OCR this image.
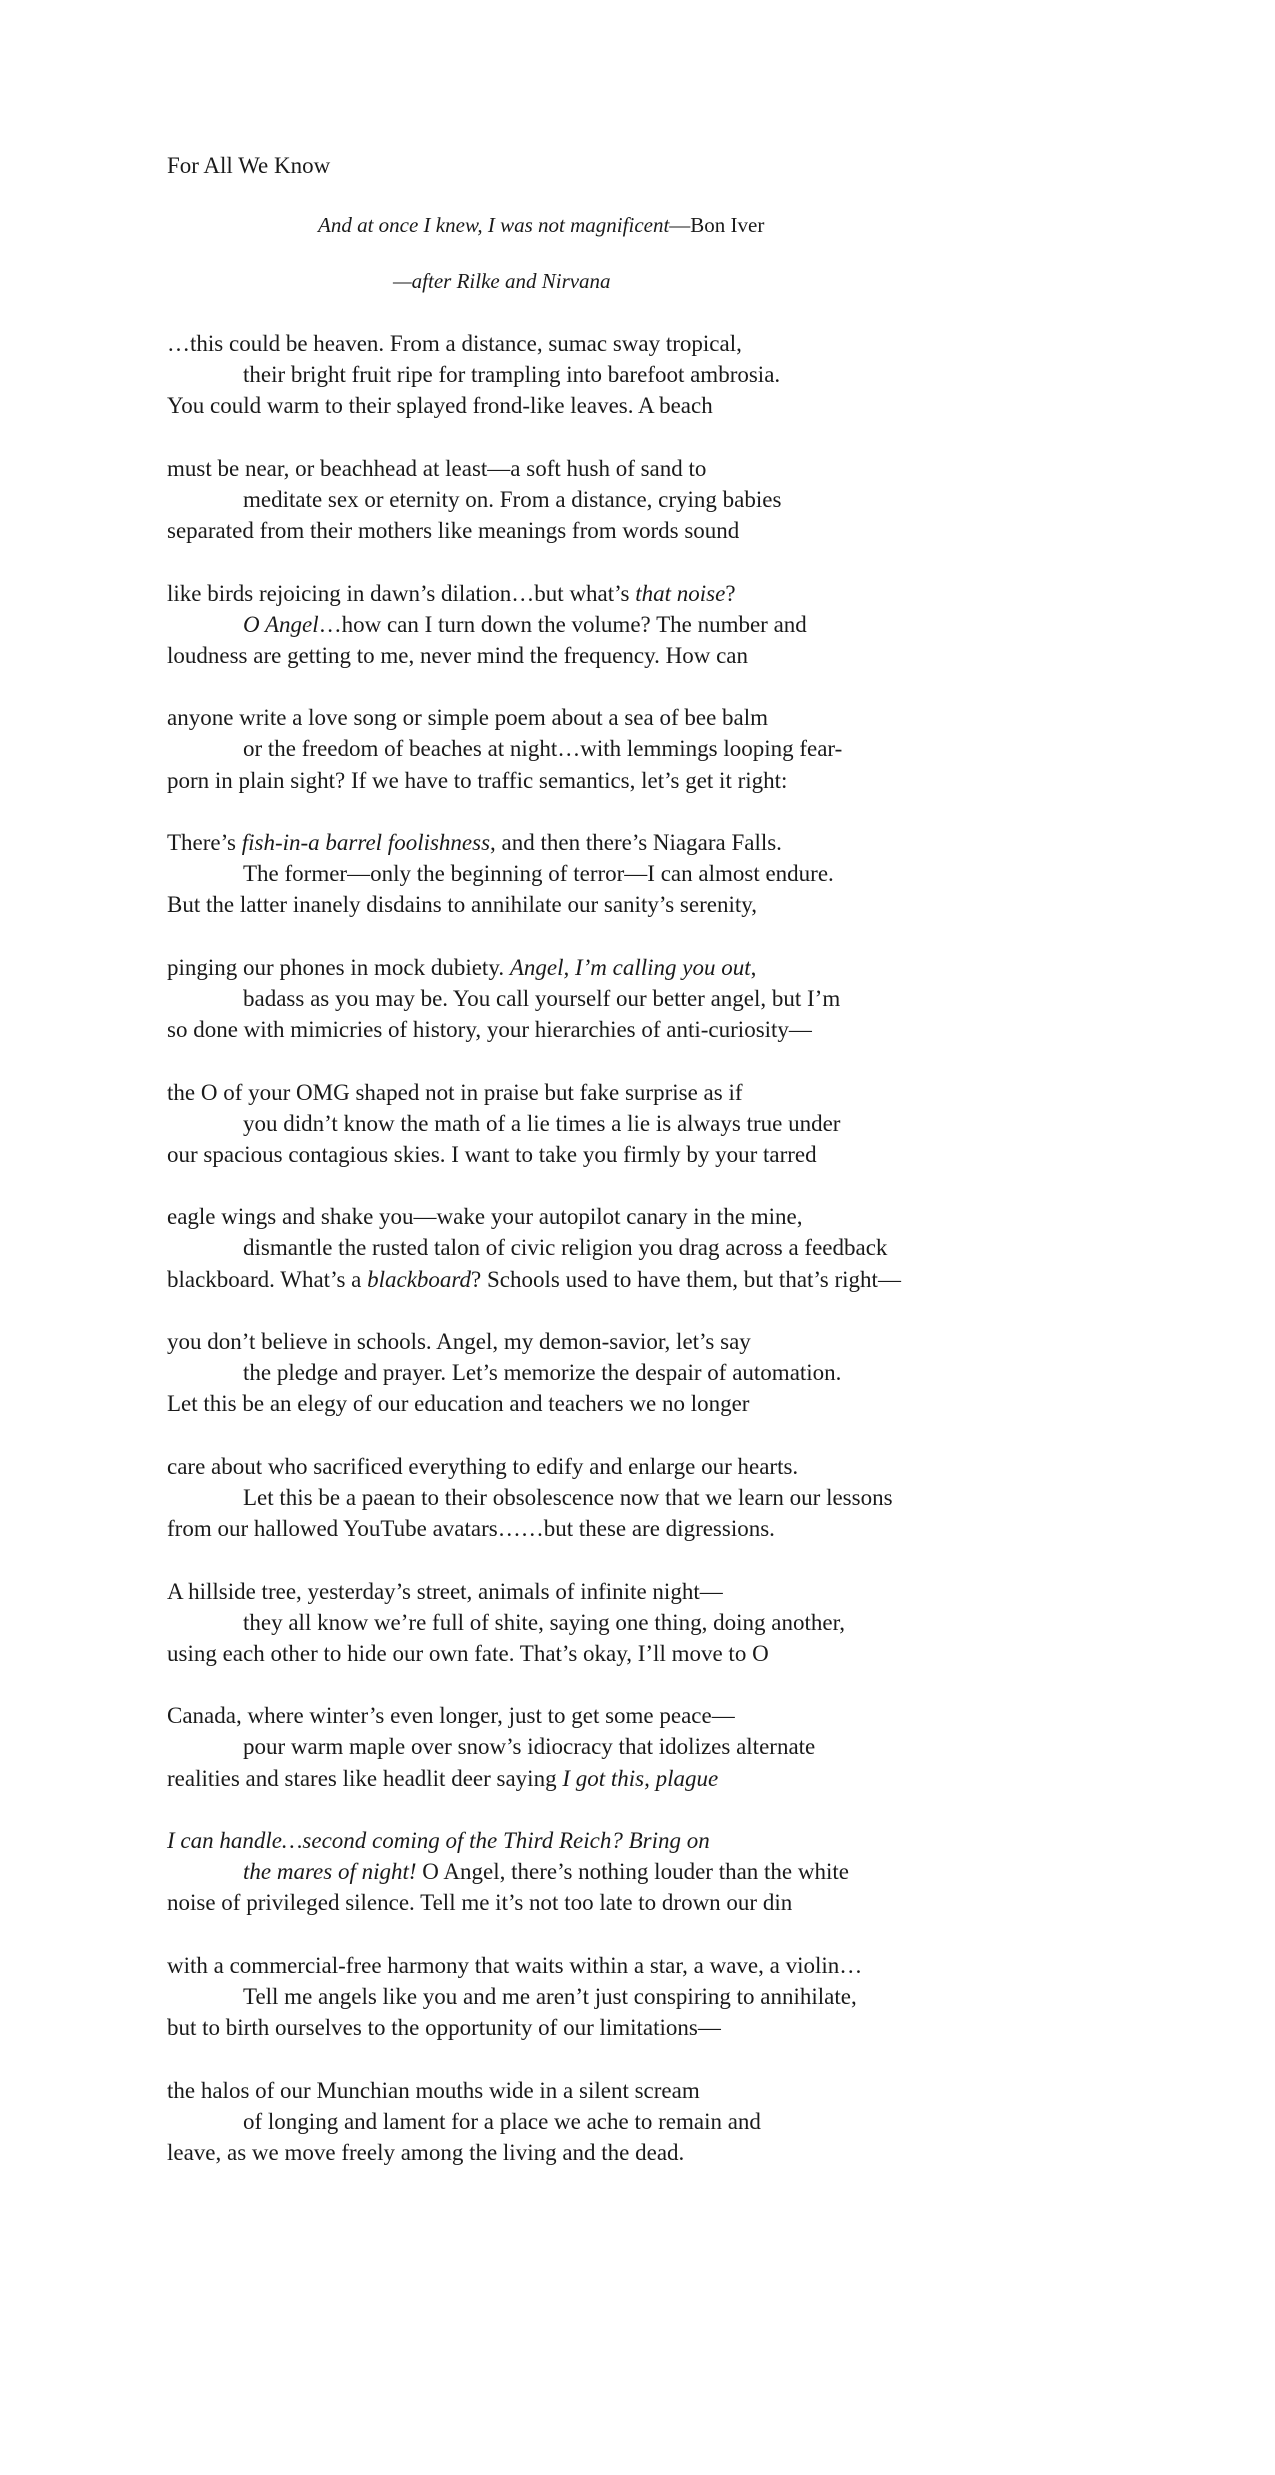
For All We Know
And at once I knew, I was not magnificent—Bon Iver
—after Rilke and Nirvana
…this could be heaven. From a distance, sumac sway tropical,
their bright fruit ripe for trampling into barefoot ambrosia.
You could warm to their splayed frond-like leaves. A beach
must be near, or beachhead at least—a soft hush of sand to
meditate sex or eternity on. From a distance, crying babies
separated from their mothers like meanings from words sound
like birds rejoicing in dawn’s dilation…but what’s that noise?
O Angel…how can I turn down the volume? The number and
loudness are getting to me, never mind the frequency. How can
anyone write a love song or simple poem about a sea of bee balm
or the freedom of beaches at night…with lemmings looping fear-
porn in plain sight? If we have to traffic semantics, let’s get it right:
There’s fish-in-a barrel foolishness, and then there’s Niagara Falls.
The former—only the beginning of terror—I can almost endure.
But the latter inanely disdains to annihilate our sanity’s serenity,
pinging our phones in mock dubiety. Angel, I’m calling you out,
badass as you may be. You call yourself our better angel, but I’m
so done with mimicries of history, your hierarchies of anti-curiosity—
the O of your OMG shaped not in praise but fake surprise as if
you didn’t know the math of a lie times a lie is always true under
our spacious contagious skies. I want to take you firmly by your tarred
eagle wings and shake you—wake your autopilot canary in the mine,
dismantle the rusted talon of civic religion you drag across a feedback
blackboard. What’s a blackboard? Schools used to have them, but that’s right—
you don’t believe in schools. Angel, my demon-savior, let’s say
the pledge and prayer. Let’s memorize the despair of automation.
Let this be an elegy of our education and teachers we no longer
care about who sacrificed everything to edify and enlarge our hearts.
Let this be a paean to their obsolescence now that we learn our lessons
from our hallowed YouTube avatars……but these are digressions.
A hillside tree, yesterday’s street, animals of infinite night—
they all know we’re full of shite, saying one thing, doing another,
using each other to hide our own fate. That’s okay, I’ll move to O
Canada, where winter’s even longer, just to get some peace—
pour warm maple over snow’s idiocracy that idolizes alternate
realities and stares like headlit deer saying I got this, plague
I can handle…second coming of the Third Reich? Bring on
the mares of night! O Angel, there’s nothing louder than the white
noise of privileged silence. Tell me it’s not too late to drown our din
with a commercial-free harmony that waits within a star, a wave, a violin…
Tell me angels like you and me aren’t just conspiring to annihilate,
but to birth ourselves to the opportunity of our limitations—
the halos of our Munchian mouths wide in a silent scream
of longing and lament for a place we ache to remain and
leave, as we move freely among the living and the dead.
